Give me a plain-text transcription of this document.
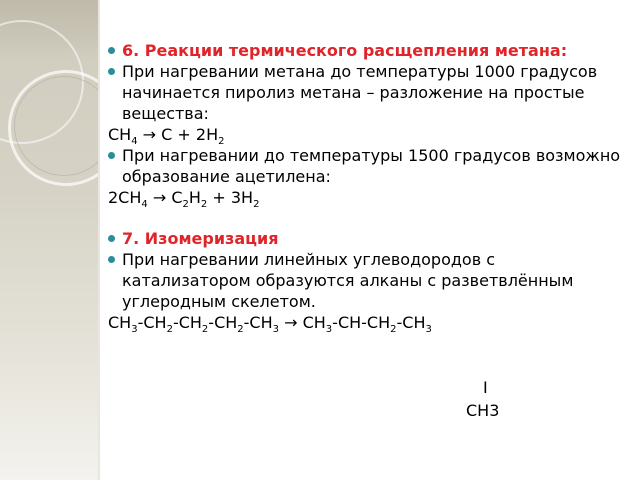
6. Реакции термического расщепления метана:

При нагревании метана до температуры 1000 градусов начинается пиролиз метана – разложение на простые вещества:

$CH_4 \to C + 2H_2$

При нагревании до температуры 1500 градусов возможно образование ацетилена:

$2CH_4 \to C_2H_2 + 3H_2$

7. Изомеризация

При нагревании линейных углеводородов с катализатором образуются алканы с разветвлённым углеродным скелетом.

$CH_3-CH_2-CH_2-CH_2-CH_3 \to CH_3-CH-CH_2-CH_3$

I
CH3
